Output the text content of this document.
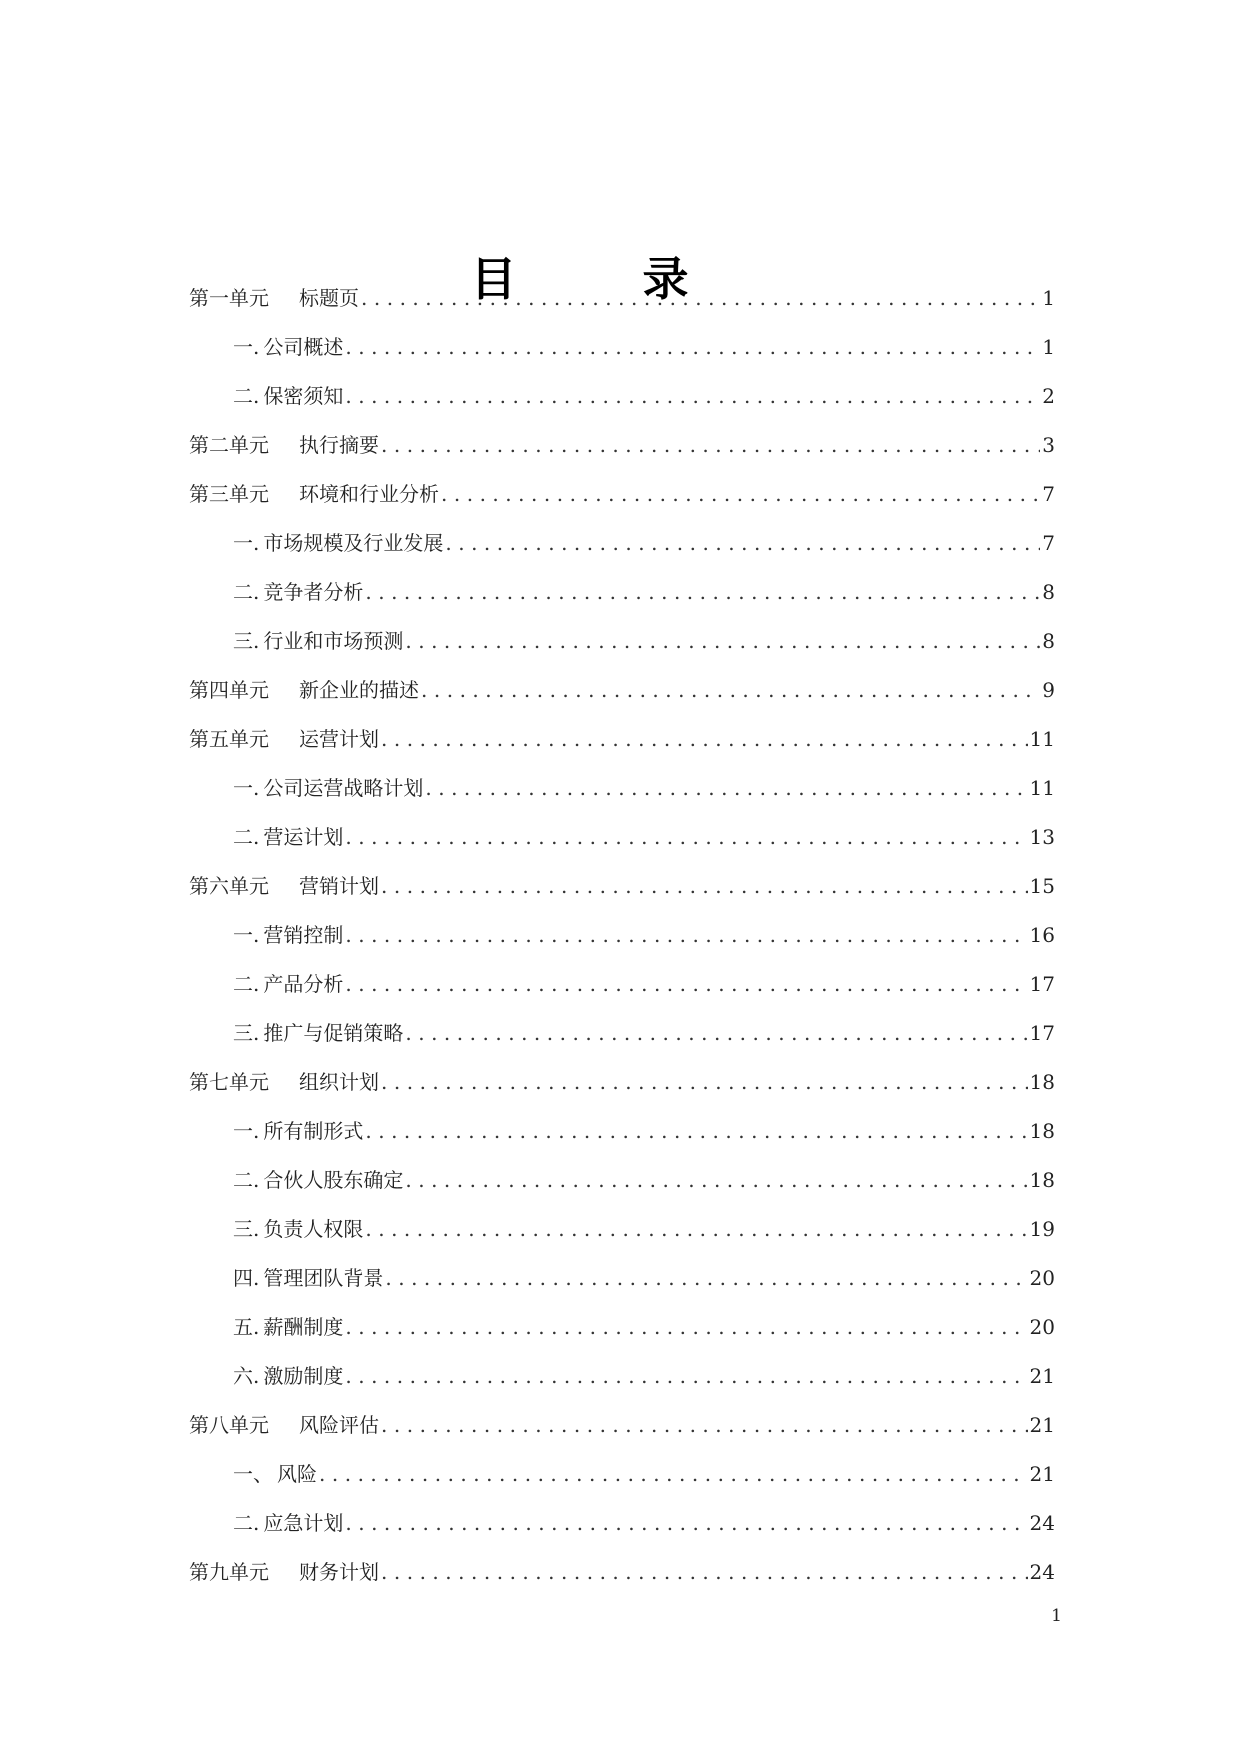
目　录
第一单元	标题页 .....	1
一. 公司概述 .....	1
二. 保密须知 .....	2
第二单元	执行摘要 .....	3
第三单元	环境和行业分析 .....	7
一. 市场规模及行业发展 .....	7
二. 竞争者分析 .....	8
三. 行业和市场预测 .....	8
第四单元	新企业的描述 .....	9
第五单元	运营计划 .....	11
一. 公司运营战略计划 .....	11
二. 营运计划 .....	13
第六单元	营销计划 .....	15
一. 营销控制 .....	16
二. 产品分析 .....	17
三. 推广与促销策略 .....	17
第七单元	组织计划 .....	18
一. 所有制形式 .....	18
二. 合伙人股东确定 .....	18
三. 负责人权限 .....	19
四. 管理团队背景 .....	20
五. 薪酬制度 .....	20
六. 激励制度 .....	21
第八单元	风险评估 .....	21
一、 风险 .....	21
二. 应急计划 .....	24
第九单元	财务计划 .....	24
1
